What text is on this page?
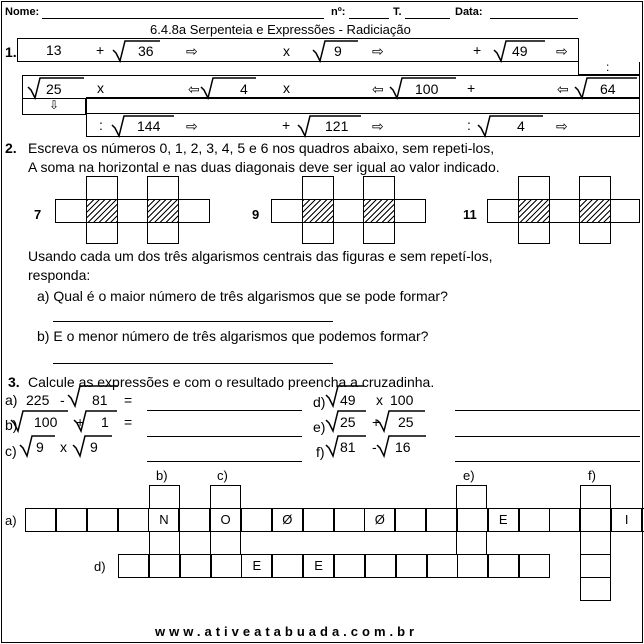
Nome:	nº:	T.	Data:
6.4.8a Serpenteia e Expressões - Radiciação
1. 13 + 36 ⇨	x	9 ⇨	+ 49 ⇨
:
25
⇩
x	⇦	4	x	⇦ 100 +	⇦ 64
: 144 ⇨	+ 121 ⇨	:	4 ⇨
2. Escreva os números 0, 1, 2, 3, 4, 5 e 6 nos quadros abaixo, sem repeti-los,
A soma na horizontal e nas duas diagonais deve ser igual ao valor indicado.
7	9	11
Usando cada um dos três algarismos centrais das figuras e sem repetí-los,
responda:
a) Qual é o maior número de três algarismos que se pode formar?
b) E o menor número de três algarismos que podemos formar?
3. Calcule as expressões e com o resultado preencha a cruzadinha.
a) 225 - 81 =
b) 100 + 1 =
c) 9 x 9
d) 49 x 100
e) 25 + 25
f) 81 - 16
b)	c)	e)	f)
a)
d)
N	O	Ø	Ø	E	I
E	E
www.ativeatabuada.com.br
